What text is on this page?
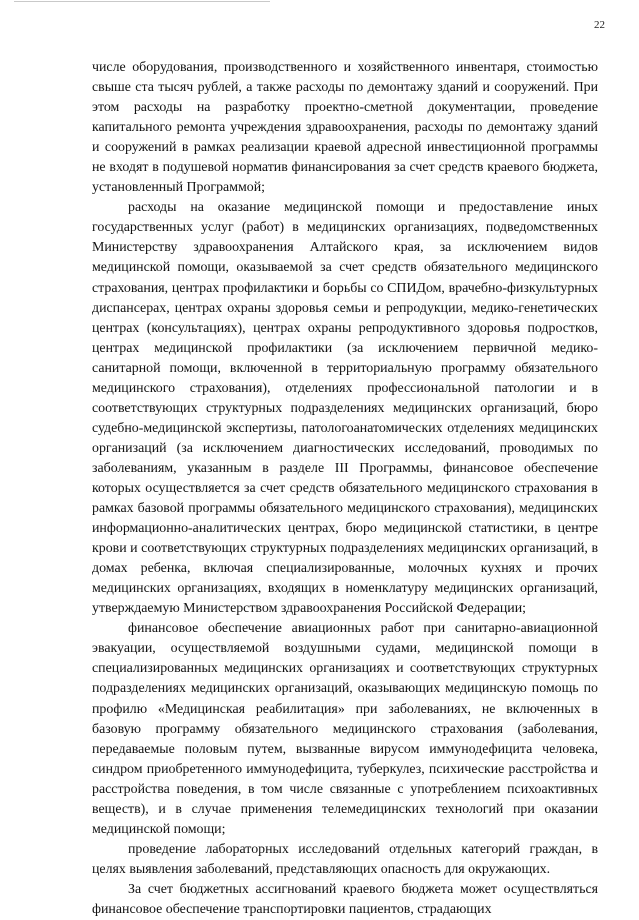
22

числе оборудования, производственного и хозяйственного инвентаря, стоимостью свыше ста тысяч рублей, а также расходы по демонтажу зданий и сооружений. При этом расходы на разработку проектно-сметной документации, проведение капитального ремонта учреждения здравоохранения, расходы по демонтажу зданий и сооружений в рамках реализации краевой адресной инвестиционной программы не входят в подушевой норматив финансирования за счет средств краевого бюджета, установленный Программой;

расходы на оказание медицинской помощи и предоставление иных государственных услуг (работ) в медицинских организациях, подведомственных Министерству здравоохранения Алтайского края, за исключением видов медицинской помощи, оказываемой за счет средств обязательного медицинского страхования, центрах профилактики и борьбы со СПИДом, врачебно-физкультурных диспансерах, центрах охраны здоровья семьи и репродукции, медико-генетических центрах (консультациях), центрах охраны репродуктивного здоровья подростков, центрах медицинской профилактики (за исключением первичной медико-санитарной помощи, включенной в территориальную программу обязательного медицинского страхования), отделениях профессиональной патологии и в соответствующих структурных подразделениях медицинских организаций, бюро судебно-медицинской экспертизы, патологоанатомических отделениях медицинских организаций (за исключением диагностических исследований, проводимых по заболеваниям, указанным в разделе III Программы, финансовое обеспечение которых осуществляется за счет средств обязательного медицинского страхования в рамках базовой программы обязательного медицинского страхования), медицинских информационно-аналитических центрах, бюро медицинской статистики, в центре крови и соответствующих структурных подразделениях медицинских организаций, в домах ребенка, включая специализированные, молочных кухнях и прочих медицинских организациях, входящих в номенклатуру медицинских организаций, утверждаемую Министерством здравоохранения Российской Федерации;

финансовое обеспечение авиационных работ при санитарно-авиационной эвакуации, осуществляемой воздушными судами, медицинской помощи в специализированных медицинских организациях и соответствующих структурных подразделениях медицинских организаций, оказывающих медицинскую помощь по профилю «Медицинская реабилитация» при заболеваниях, не включенных в базовую программу обязательного медицинского страхования (заболевания, передаваемые половым путем, вызванные вирусом иммунодефицита человека, синдром приобретенного иммунодефицита, туберкулез, психические расстройства и расстройства поведения, в том числе связанные с употреблением психоактивных веществ), и в случае применения телемедицинских технологий при оказании медицинской помощи;

проведение лабораторных исследований отдельных категорий граждан, в целях выявления заболеваний, представляющих опасность для окружающих.

За счет бюджетных ассигнований краевого бюджета может осуществляться финансовое обеспечение транспортировки пациентов, страдающих
